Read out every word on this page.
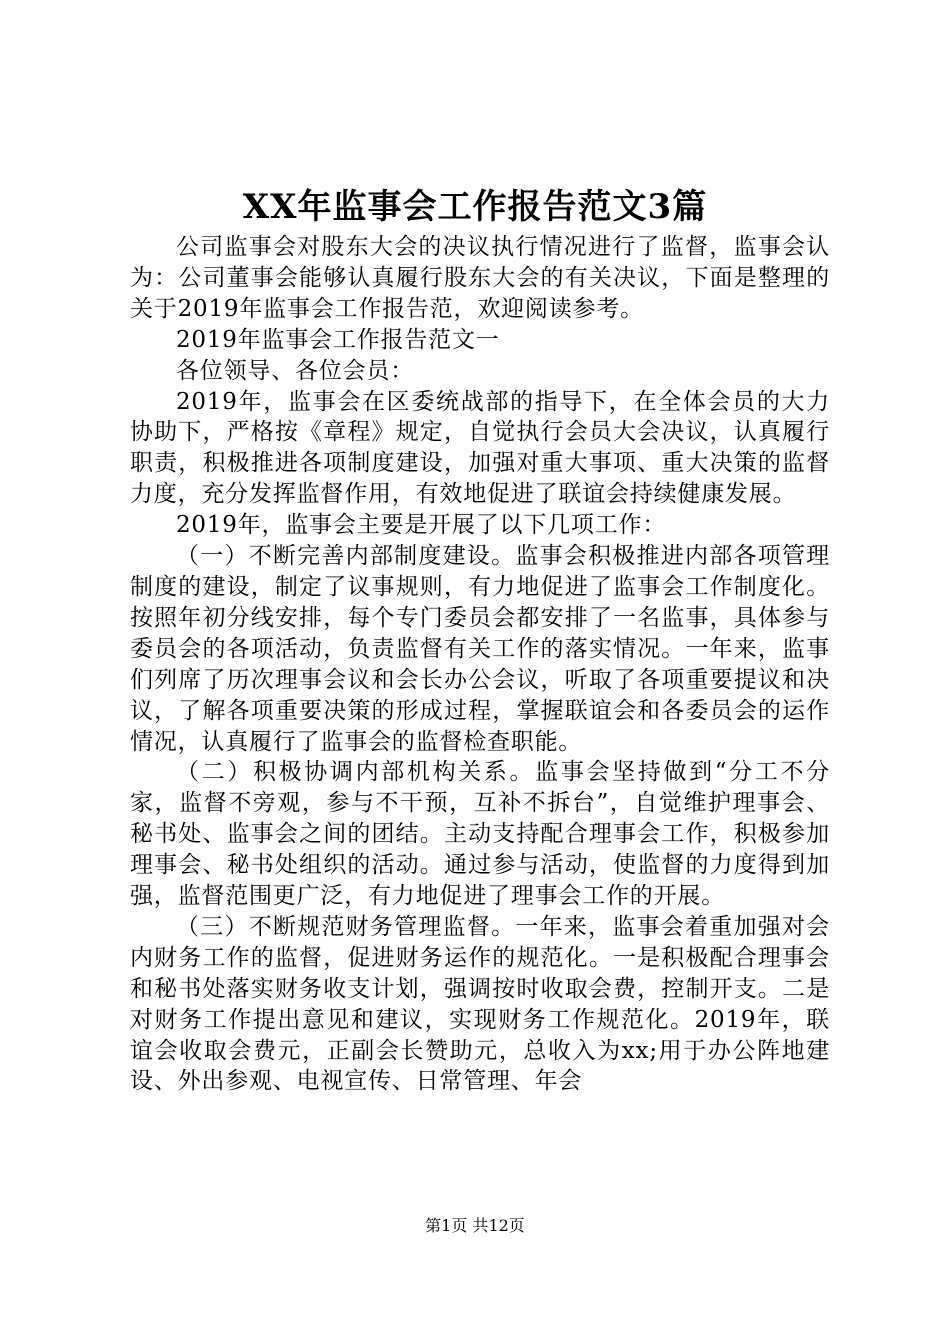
XX年监事会工作报告范文3篇

公司监事会对股东大会的决议执行情况进行了监督，监事会认为：公司董事会能够认真履行股东大会的有关决议，下面是整理的关于2019年监事会工作报告范，欢迎阅读参考。

2019年监事会工作报告范文一

各位领导、各位会员：

2019年，监事会在区委统战部的指导下，在全体会员的大力协助下，严格按《章程》规定，自觉执行会员大会决议，认真履行职责，积极推进各项制度建设，加强对重大事项、重大决策的监督力度，充分发挥监督作用，有效地促进了联谊会持续健康发展。

2019年，监事会主要是开展了以下几项工作：

（一）不断完善内部制度建设。监事会积极推进内部各项管理制度的建设，制定了议事规则，有力地促进了监事会工作制度化。按照年初分线安排，每个专门委员会都安排了一名监事，具体参与委员会的各项活动，负责监督有关工作的落实情况。一年来，监事们列席了历次理事会议和会长办公会议，听取了各项重要提议和决议，了解各项重要决策的形成过程，掌握联谊会和各委员会的运作情况，认真履行了监事会的监督检查职能。

（二）积极协调内部机构关系。监事会坚持做到“分工不分家，监督不旁观，参与不干预，互补不拆台”，自觉维护理事会、秘书处、监事会之间的团结。主动支持配合理事会工作，积极参加理事会、秘书处组织的活动。通过参与活动，使监督的力度得到加强，监督范围更广泛，有力地促进了理事会工作的开展。

（三）不断规范财务管理监督。一年来，监事会着重加强对会内财务工作的监督，促进财务运作的规范化。一是积极配合理事会和秘书处落实财务收支计划，强调按时收取会费，控制开支。二是对财务工作提出意见和建议，实现财务工作规范化。2019年，联谊会收取会费元，正副会长赞助元，总收入为xx;用于办公阵地建设、外出参观、电视宣传、日常管理、年会

第1页 共12页
